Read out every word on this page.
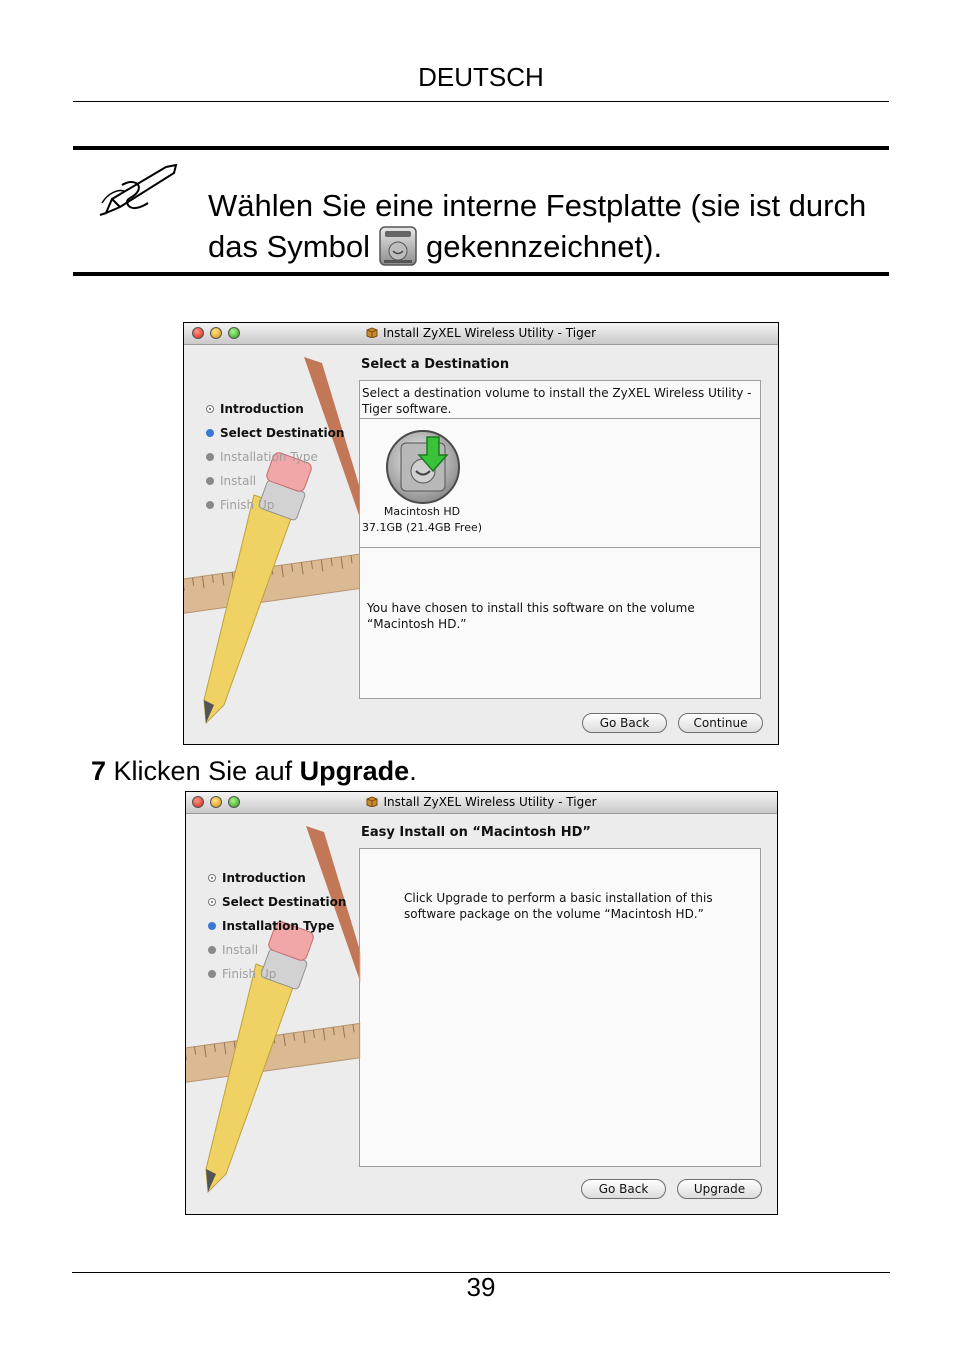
DEUTSCH
Wählen Sie eine interne Festplatte (sie ist durch das Symbol gekennzeichnet).
Install ZyXEL Wireless Utility - Tiger
Introduction
Select Destination
Installation Type
Install
Finish Up
Select a Destination
Select a destination volume to install the ZyXEL Wireless Utility - Tiger software.
Macintosh HD
37.1GB (21.4GB Free)
You have chosen to install this software on the volume “Macintosh HD.”
Go Back	Continue
7 Klicken Sie auf Upgrade.
Install ZyXEL Wireless Utility - Tiger
Introduction
Select Destination
Installation Type
Install
Finish Up
Easy Install on “Macintosh HD”
Click Upgrade to perform a basic installation of this software package on the volume “Macintosh HD.”
Go Back	Upgrade
39
